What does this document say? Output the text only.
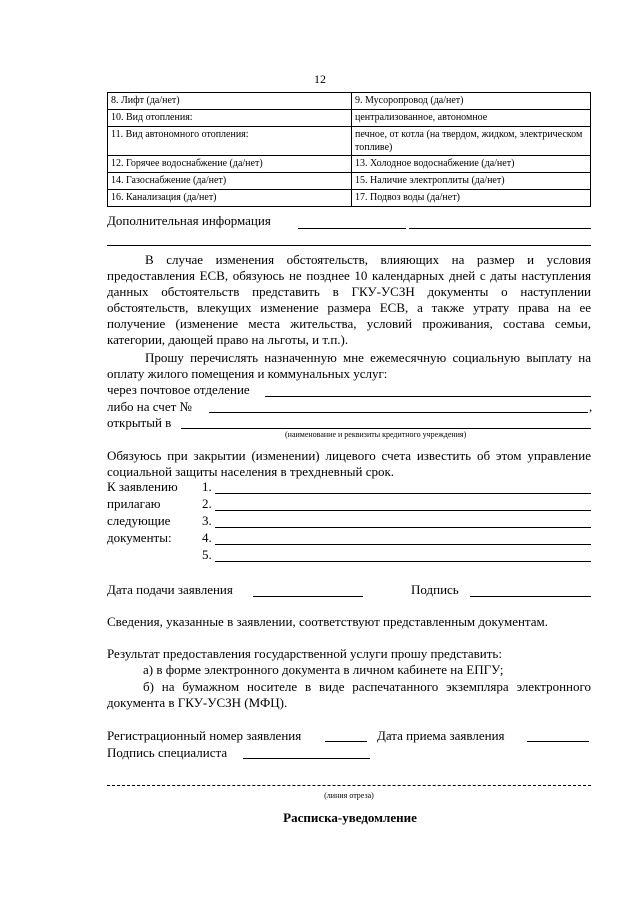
12
8. Лифт (да/нет)	9. Мусоропровод (да/нет)
10. Вид отопления:	централизованное, автономное
11. Вид автономного отопления:	печное, от котла (на твердом, жидком, электрическом топливе)
12. Горячее водоснабжение (да/нет)	13. Холодное водоснабжение (да/нет)
14. Газоснабжение (да/нет)	15. Наличие электроплиты (да/нет)
16. Канализация (да/нет)	17. Подвоз воды (да/нет)
Дополнительная информация
В случае изменения обстоятельств, влияющих на размер и условия предоставления ЕСВ, обязуюсь не позднее 10 календарных дней с даты наступления данных обстоятельств представить в ГКУ-УСЗН документы о наступлении обстоятельств, влекущих изменение размера ЕСВ, а также утрату права на ее получение (изменение места жительства, условий проживания, состава семьи, категории, дающей право на льготы, и т.п.).
Прошу перечислять назначенную мне ежемесячную социальную выплату на оплату жилого помещения и коммунальных услуг:
через почтовое отделение
либо на счет №	,
открытый в
(наименование и реквизиты кредитного учреждения)
Обязуюсь при закрытии (изменении) лицевого счета известить об этом управление социальной защиты населения в трехдневный срок.
К заявлению
прилагаю
следующие
документы:
1.
2.
3.
4.
5.
Дата подачи заявления	Подпись
Сведения, указанные в заявлении, соответствуют представленным документам.
Результат предоставления государственной услуги прошу представить:
а) в форме электронного документа в личном кабинете на ЕПГУ;
б) на бумажном носителе в виде распечатанного экземпляра электронного документа в ГКУ-УСЗН (МФЦ).
Регистрационный номер заявления	Дата приема заявления
Подпись специалиста
(линия отреза)
Расписка-уведомление
